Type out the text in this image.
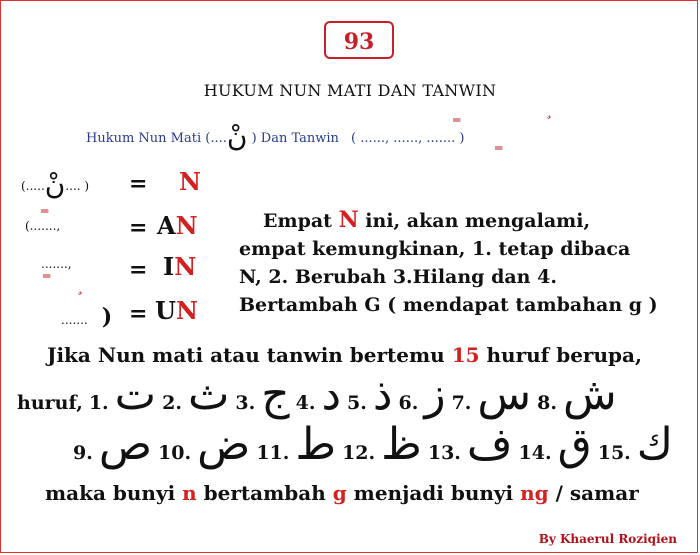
93
HUKUM NUN MATI DAN TANWIN
Hukum Nun Mati (....نْ ) Dan Tanwin ( ......, ......, ....... )
═
═
(.....نْ.... ) = N
(.......,
═
= AN
.......,
═	= IN
....... ) = UN
Empat N ini, akan mengalami,
empat kemungkinan, 1. tetap dibaca
N, 2. Berubah 3.Hilang dan 4.
Bertambah G ( mendapat tambahan g )
Jika Nun mati atau tanwin bertemu 15 huruf berupa,
huruf, 1. ت 2. ث 3. ج 4. د 5. ذ 6. ز 7. س 8. ش
9. ص 10. ض 11. ط 12. ظ 13. ف 14. ق 15. ك
maka bunyi n bertambah g menjadi bunyi ng / samar
By Khaerul Roziqien
